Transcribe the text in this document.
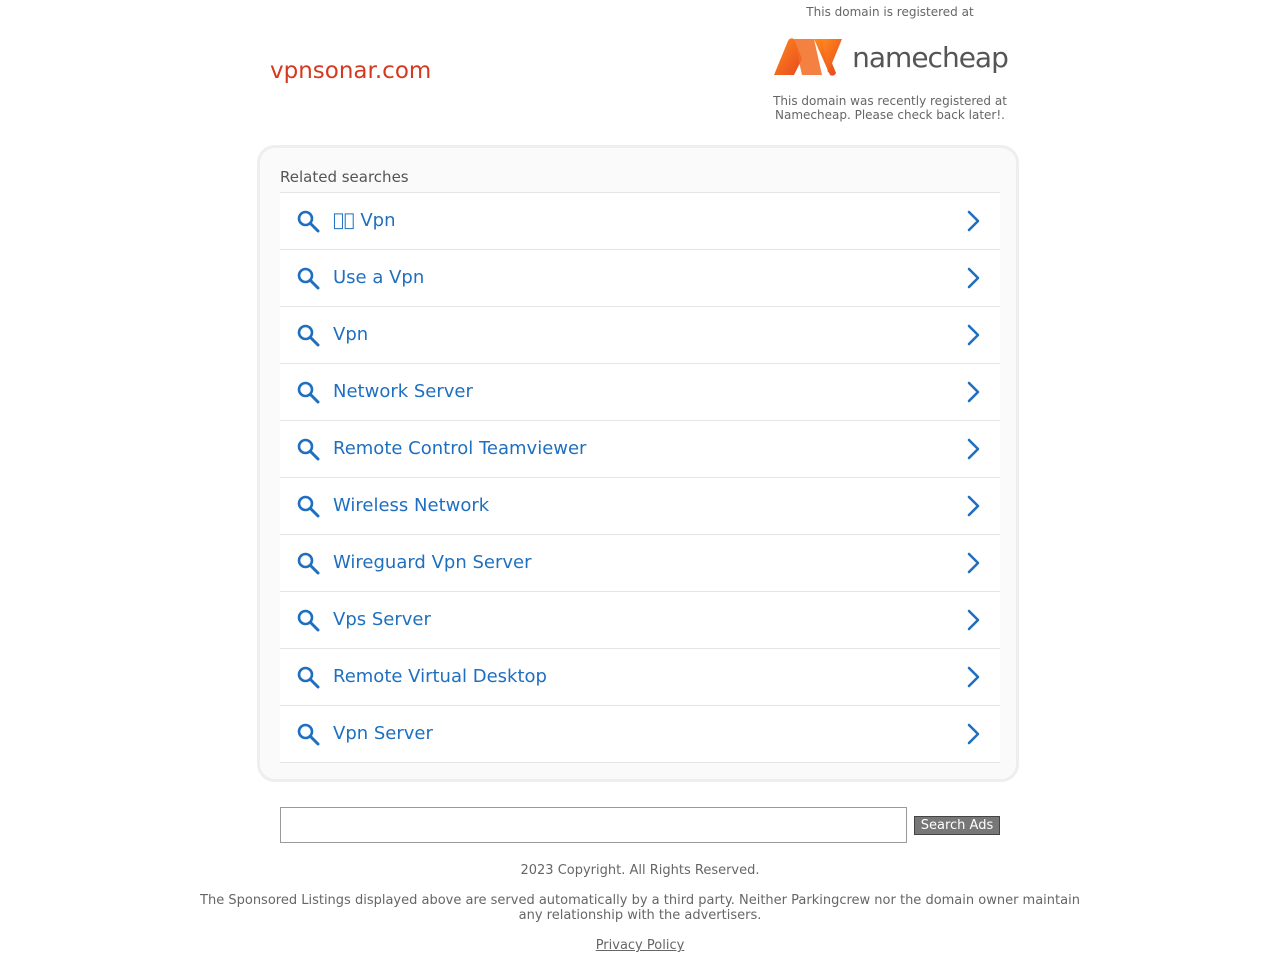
vpnsonar.com
This domain is registered at
namecheap
This domain was recently registered at Namecheap. Please check back later!.
Related searches
   Vpn
Use a Vpn
Vpn
Network Server
Remote Control Teamviewer
Wireless Network
Wireguard Vpn Server
Vps Server
Remote Virtual Desktop
Vpn Server
Search Ads
2023 Copyright. All Rights Reserved.
The Sponsored Listings displayed above are served automatically by a third party. Neither Parkingcrew nor the domain owner maintain any relationship with the advertisers.
Privacy Policy
